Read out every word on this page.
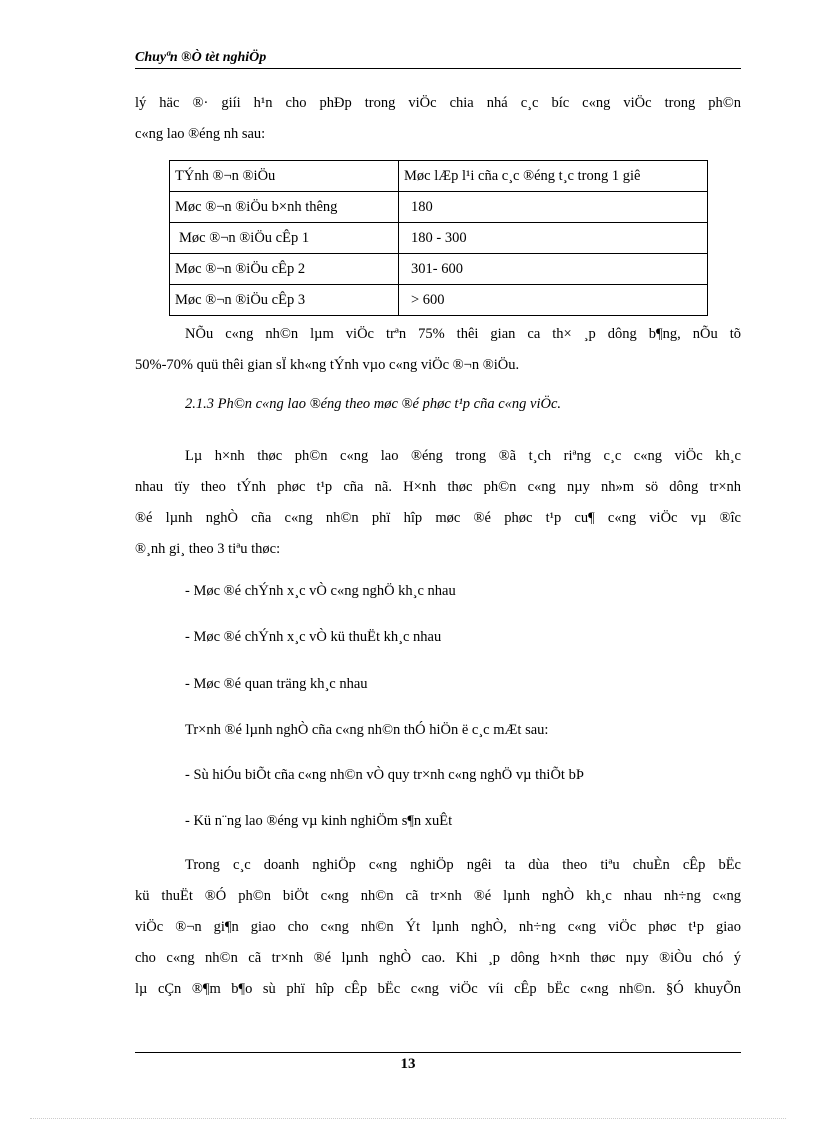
Chuyªn ®Ò tèt nghiÖp
lý häc ®· giíi h¹n cho phÐp trong viÖc chia nhá c¸c bíc c«ng viÖc trong ph©n
c«ng lao ®éng nh sau:
TÝnh ®¬n ®iÖu	Møc lÆp l¹i cña c¸c ®éng t¸c trong 1 giê
Møc ®¬n ®iÖu b×nh thêng	180
Møc ®¬n ®iÖu cÊp 1	180 - 300
Møc ®¬n ®iÖu cÊp 2	301- 600
Møc ®¬n ®iÖu cÊp 3	> 600
NÕu c«ng nh©n lµm viÖc trªn 75% thêi gian ca th× ¸p dông b¶ng, nÕu tõ
50%-70% quü thêi gian sÏ kh«ng tÝnh vµo c«ng viÖc ®¬n ®iÖu.
2.1.3 Ph©n c«ng lao ®éng theo møc ®é phøc t¹p cña c«ng viÖc.
Lµ h×nh thøc ph©n c«ng lao ®éng trong ®ã t¸ch riªng c¸c c«ng viÖc kh¸c
nhau tïy theo tÝnh phøc t¹p cña nã. H×nh thøc ph©n c«ng nµy nh»m sö dông tr×nh
®é lµnh nghÒ cña c«ng nh©n phï hîp møc ®é phøc t¹p cu¶ c«ng viÖc vµ ®îc
®¸nh gi¸ theo 3 tiªu thøc:
- Møc ®é chÝnh x¸c vÒ c«ng nghÖ kh¸c nhau
- Møc ®é chÝnh x¸c vÒ kü thuËt kh¸c nhau
- Møc ®é quan träng kh¸c nhau
Tr×nh ®é lµnh nghÒ cña c«ng nh©n thÓ hiÖn ë c¸c mÆt sau:
- Sù hiÓu biÕt cña c«ng nh©n vÒ quy tr×nh c«ng nghÖ vµ thiÕt bÞ
- Kü n¨ng lao ®éng vµ kinh nghiÖm s¶n xuÊt
Trong c¸c doanh nghiÖp c«ng nghiÖp ngêi ta dùa theo tiªu chuÈn cÊp bËc
kü thuËt ®Ó ph©n biÖt c«ng nh©n cã tr×nh ®é lµnh nghÒ kh¸c nhau nh÷ng c«ng
viÖc ®¬n gi¶n giao cho c«ng nh©n Ýt lµnh nghÒ, nh÷ng c«ng viÖc phøc t¹p giao
cho c«ng nh©n cã tr×nh ®é lµnh nghÒ cao. Khi ¸p dông h×nh thøc nµy ®iÒu chó ý
lµ cÇn ®¶m b¶o sù phï hîp cÊp bËc c«ng viÖc víi cÊp bËc c«ng nh©n. §Ó khuyÕn
13
